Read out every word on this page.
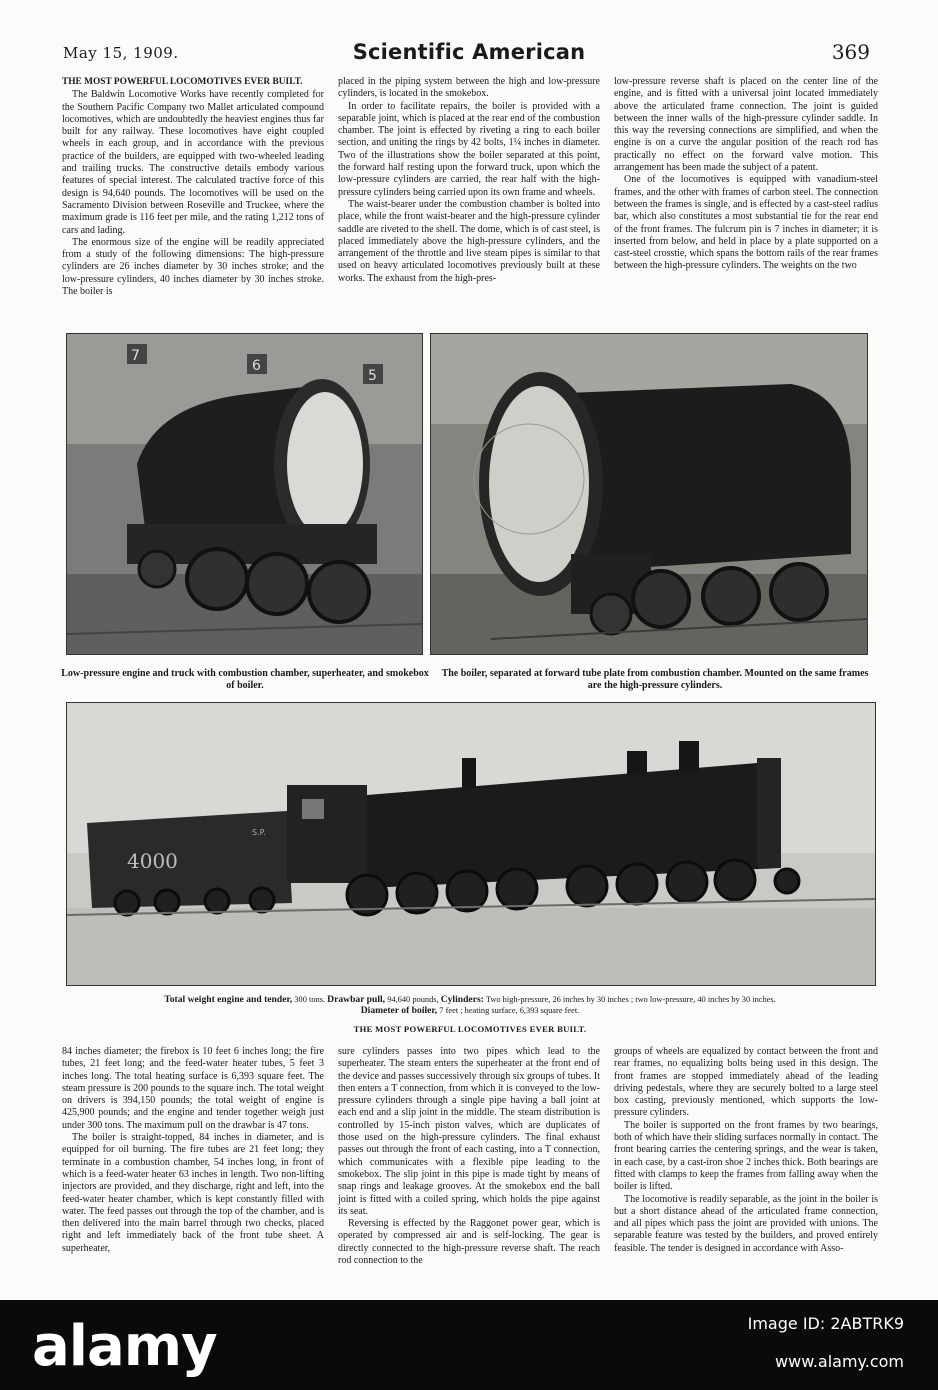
May 15, 1909.	Scientific American	369

THE MOST POWERFUL LOCOMOTIVES EVER BUILT.

The Baldwin Locomotive Works have recently completed for the Southern Pacific Company two Mallet articulated compound locomotives, which are undoubtedly the heaviest engines thus far built for any railway. These locomotives have eight coupled wheels in each group, and in accordance with the previous practice of the builders, are equipped with two-wheeled leading and trailing trucks. The constructive details embody various features of special interest. The calculated tractive force of this design is 94,640 pounds. The locomotives will be used on the Sacramento Division between Roseville and Truckee, where the maximum grade is 116 feet per mile, and the rating 1,212 tons of cars and lading.

The enormous size of the engine will be readily appreciated from a study of the following dimensions: The high-pressure cylinders are 26 inches diameter by 30 inches stroke; and the low-pressure cylinders, 40 inches diameter by 30 inches stroke. The boiler is

placed in the piping system between the high and low-pressure cylinders, is located in the smokebox.

In order to facilitate repairs, the boiler is provided with a separable joint, which is placed at the rear end of the combustion chamber. The joint is effected by riveting a ring to each boiler section, and uniting the rings by 42 bolts, 1¼ inches in diameter. Two of the illustrations show the boiler separated at this point, the forward half resting upon the forward truck, upon which the low-pressure cylinders are carried, the rear half with the high-pressure cylinders being carried upon its own frame and wheels.

The waist-bearer under the combustion chamber is bolted into place, while the front waist-bearer and the high-pressure cylinder saddle are riveted to the shell. The dome, which is of cast steel, is placed immediately above the high-pressure cylinders, and the arrangement of the throttle and live steam pipes is similar to that used on heavy articulated locomotives previously built at these works. The exhaust from the high-pres-

low-pressure reverse shaft is placed on the center line of the engine, and is fitted with a universal joint located immediately above the articulated frame connection. The joint is guided between the inner walls of the high-pressure cylinder saddle. In this way the reversing connections are simplified, and when the engine is on a curve the angular position of the reach rod has practically no effect on the forward valve motion. This arrangement has been made the subject of a patent.

One of the locomotives is equipped with vanadium-steel frames, and the other with frames of carbon steel. The connection between the frames is single, and is effected by a cast-steel radius bar, which also constitutes a most substantial tie for the rear end of the front frames. The fulcrum pin is 7 inches in diameter; it is inserted from below, and held in place by a plate supported on a cast-steel crosstie, which spans the bottom rails of the rear frames between the high-pressure cylinders. The weights on the two

7
6
5
Low-pressure engine and truck with combustion chamber, superheater, and smokebox of boiler.
The boiler, separated at forward tube plate from combustion chamber. Mounted on the same frames are the high-pressure cylinders.
4000
S.P.
Total weight engine and tender, 300 tons. Drawbar pull, 94,640 pounds, Cylinders: Two high-pressure, 26 inches by 30 inches ; two low-pressure, 40 inches by 30 inches.
Diameter of boiler, 7 feet ; heating surface, 6,393 square feet.
THE MOST POWERFUL LOCOMOTIVES EVER BUILT.

84 inches diameter; the firebox is 10 feet 6 inches long; the fire tubes, 21 feet long; and the feed-water heater tubes, 5 feet 3 inches long. The total heating surface is 6,393 square feet. The steam pressure is 200 pounds to the square inch. The total weight on drivers is 394,150 pounds; the total weight of engine is 425,900 pounds; and the engine and tender together weigh just under 300 tons. The maximum pull on the drawbar is 47 tons.

The boiler is straight-topped, 84 inches in diameter, and is equipped for oil burning. The fire tubes are 21 feet long; they terminate in a combustion chamber, 54 inches long, in front of which is a feed-water heater 63 inches in length. Two non-lifting injectors are provided, and they discharge, right and left, into the feed-water heater chamber, which is kept constantly filled with water. The feed passes out through the top of the chamber, and is then delivered into the main barrel through two checks, placed right and left immediately back of the front tube sheet. A superheater,

sure cylinders passes into two pipes which lead to the superheater. The steam enters the superheater at the front end of the device and passes successively through six groups of tubes. It then enters a T connection, from which it is conveyed to the low-pressure cylinders through a single pipe having a ball joint at each end and a slip joint in the middle. The steam distribution is controlled by 15-inch piston valves, which are duplicates of those used on the high-pressure cylinders. The final exhaust passes out through the front of each casting, into a T connection, which communicates with a flexible pipe leading to the smokebox. The slip joint in this pipe is made tight by means of snap rings and leakage grooves. At the smokebox end the ball joint is fitted with a coiled spring, which holds the pipe against its seat.

Reversing is effected by the Raggonet power gear, which is operated by compressed air and is self-locking. The gear is directly connected to the high-pressure reverse shaft. The reach rod connection to the

groups of wheels are equalized by contact between the front and rear frames, no equalizing bolts being used in this design. The front frames are stopped immediately ahead of the leading driving pedestals, where they are securely bolted to a large steel box casting, previously mentioned, which supports the low-pressure cylinders.

The boiler is supported on the front frames by two bearings, both of which have their sliding surfaces normally in contact. The front bearing carries the centering springs, and the wear is taken, in each case, by a cast-iron shoe 2 inches thick. Both bearings are fitted with clamps to keep the frames from falling away when the boiler is lifted.

The locomotive is readily separable, as the joint in the boiler is but a short distance ahead of the articulated frame connection, and all pipes which pass the joint are provided with unions. The separable feature was tested by the builders, and proved entirely feasible. The tender is designed in accordance with Asso-

alamy	Image ID: 2ABTRK9
www.alamy.com
